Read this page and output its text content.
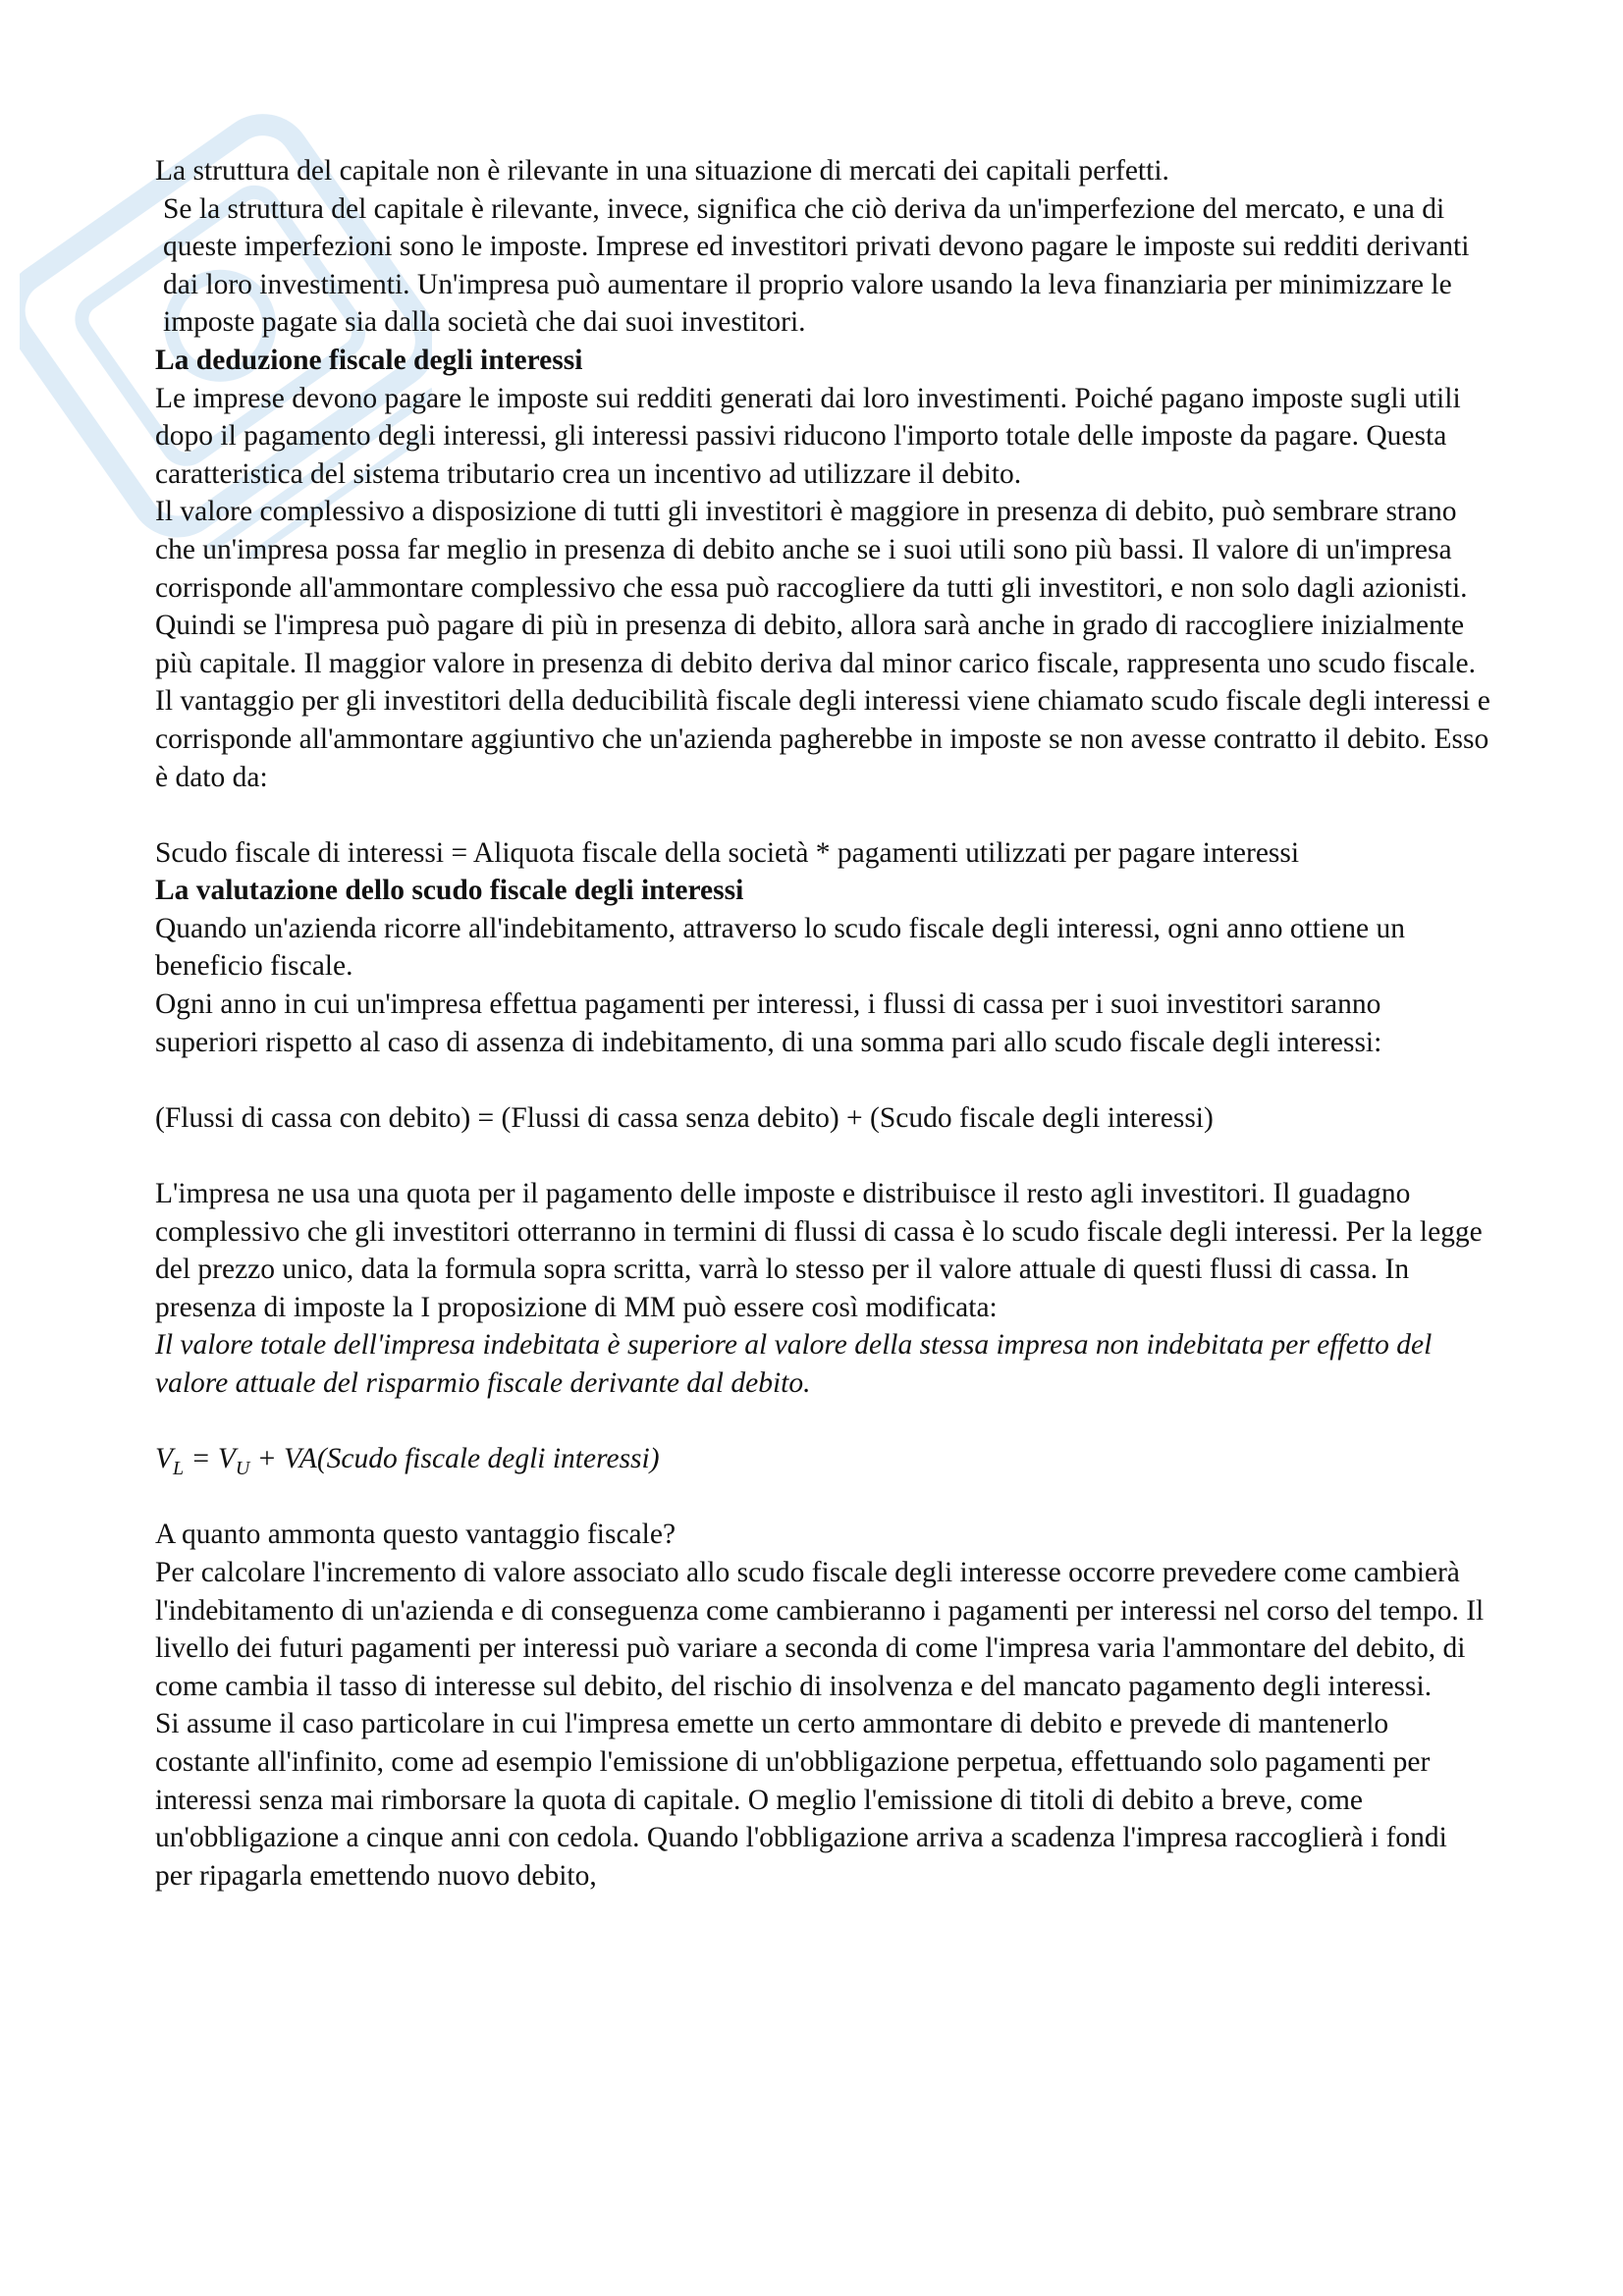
La struttura del capitale non è rilevante in una situazione di mercati dei capitali perfetti.

Se la struttura del capitale è rilevante, invece, significa che ciò deriva da un'imperfezione del mercato, e una di queste imperfezioni sono le imposte. Imprese ed investitori privati devono pagare le imposte sui redditi derivanti dai loro investimenti. Un'impresa può aumentare il proprio valore usando la leva finanziaria per minimizzare le imposte pagate sia dalla società che dai suoi investitori.

La deduzione fiscale degli interessi

Le imprese devono pagare le imposte sui redditi generati dai loro investimenti. Poiché pagano imposte sugli utili dopo il pagamento degli interessi, gli interessi passivi riducono l'importo totale delle imposte da pagare. Questa caratteristica del sistema tributario crea un incentivo ad utilizzare il debito.

Il valore complessivo a disposizione di tutti gli investitori è maggiore in presenza di debito, può sembrare strano che un'impresa possa far meglio in presenza di debito anche se i suoi utili sono più bassi. Il valore di un'impresa corrisponde all'ammontare complessivo che essa può raccogliere da tutti gli investitori, e non solo dagli azionisti. Quindi se l'impresa può pagare di più in presenza di debito, allora sarà anche in grado di raccogliere inizialmente più capitale. Il maggior valore in presenza di debito deriva dal minor carico fiscale, rappresenta uno scudo fiscale.

Il vantaggio per gli investitori della deducibilità fiscale degli interessi viene chiamato scudo fiscale degli interessi e corrisponde all'ammontare aggiuntivo che un'azienda pagherebbe in imposte se non avesse contratto il debito. Esso è dato da:

Scudo fiscale di interessi = Aliquota fiscale della società * pagamenti utilizzati per pagare interessi

La valutazione dello scudo fiscale degli interessi

Quando un'azienda ricorre all'indebitamento, attraverso lo scudo fiscale degli interessi, ogni anno ottiene un beneficio fiscale.

Ogni anno in cui un'impresa effettua pagamenti per interessi, i flussi di cassa per i suoi investitori saranno superiori rispetto al caso di assenza di indebitamento, di una somma pari allo scudo fiscale degli interessi:

(Flussi di cassa con debito) = (Flussi di cassa senza debito) + (Scudo fiscale degli interessi)

L'impresa ne usa una quota per il pagamento delle imposte e distribuisce il resto agli investitori. Il guadagno complessivo che gli investitori otterranno in termini di flussi di cassa è lo scudo fiscale degli interessi. Per la legge del prezzo unico, data la formula sopra scritta, varrà lo stesso per il valore attuale di questi flussi di cassa. In presenza di imposte la I proposizione di MM può essere così modificata:

Il valore totale dell'impresa indebitata è superiore al valore della stessa impresa non indebitata per effetto del valore attuale del risparmio fiscale derivante dal debito.

$V_L = V_U$ + VA(Scudo fiscale degli interessi)

A quanto ammonta questo vantaggio fiscale?

Per calcolare l'incremento di valore associato allo scudo fiscale degli interesse occorre prevedere come cambierà l'indebitamento di un'azienda e di conseguenza come cambieranno i pagamenti per interessi nel corso del tempo. Il livello dei futuri pagamenti per interessi può variare a seconda di come l'impresa varia l'ammontare del debito, di come cambia il tasso di interesse sul debito, del rischio di insolvenza e del mancato pagamento degli interessi.

Si assume il caso particolare in cui l'impresa emette un certo ammontare di debito e prevede di mantenerlo costante all'infinito, come ad esempio l'emissione di un'obbligazione perpetua, effettuando solo pagamenti per interessi senza mai rimborsare la quota di capitale. O meglio l'emissione di titoli di debito a breve, come un'obbligazione a cinque anni con cedola. Quando l'obbligazione arriva a scadenza l'impresa raccoglierà i fondi per ripagarla emettendo nuovo debito,
